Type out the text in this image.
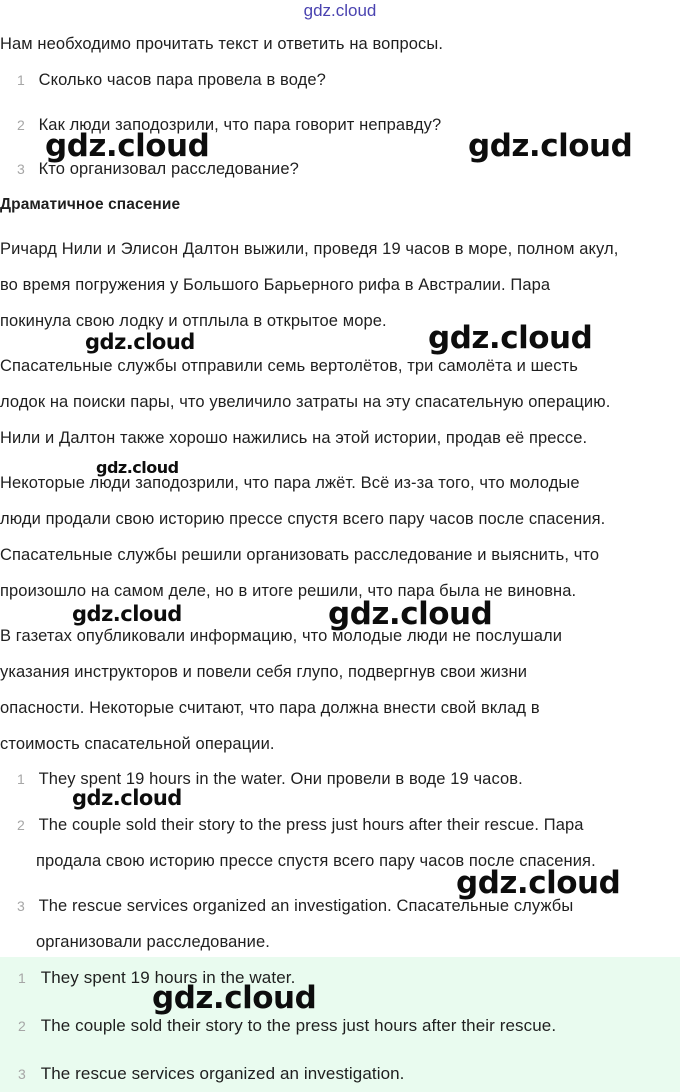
gdz.cloud
Нам необходимо прочитать текст и ответить на вопросы.
1 Сколько часов пара провела в воде?
2 Как люди заподозрили, что пара говорит неправду?
3 Кто организовал расследование?
Драматичное спасение
Ричард Нили и Элисон Далтон выжили, проведя 19 часов в море, полном акул,
во время погружения у Большого Барьерного рифа в Австралии. Пара
покинула свою лодку и отплыла в открытое море.
Спасательные службы отправили семь вертолётов, три самолёта и шесть
лодок на поиски пары, что увеличило затраты на эту спасательную операцию.
Нили и Далтон также хорошо нажились на этой истории, продав её прессе.
Некоторые люди заподозрили, что пара лжёт. Всё из-за того, что молодые
люди продали свою историю прессе спустя всего пару часов после спасения.
Спасательные службы решили организовать расследование и выяснить, что
произошло на самом деле, но в итоге решили, что пара была не виновна.
В газетах опубликовали информацию, что молодые люди не послушали
указания инструкторов и повели себя глупо, подвергнув свои жизни
опасности. Некоторые считают, что пара должна внести свой вклад в
стоимость спасательной операции.
1 They spent 19 hours in the water. Они провели в воде 19 часов.
2 The couple sold their story to the press just hours after their rescue. Пара
продала свою историю прессе спустя всего пару часов после спасения.
3 The rescue services organized an investigation. Спасательные службы
организовали расследование.
1 They spent 19 hours in the water.
2 The couple sold their story to the press just hours after their rescue.
3 The rescue services organized an investigation.
gdz.cloud	gdz.cloud
gdz.cloud	gdz.cloud
gdz.cloud
gdz.cloud	gdz.cloud
gdz.cloud
gdz.cloud
gdz.cloud
